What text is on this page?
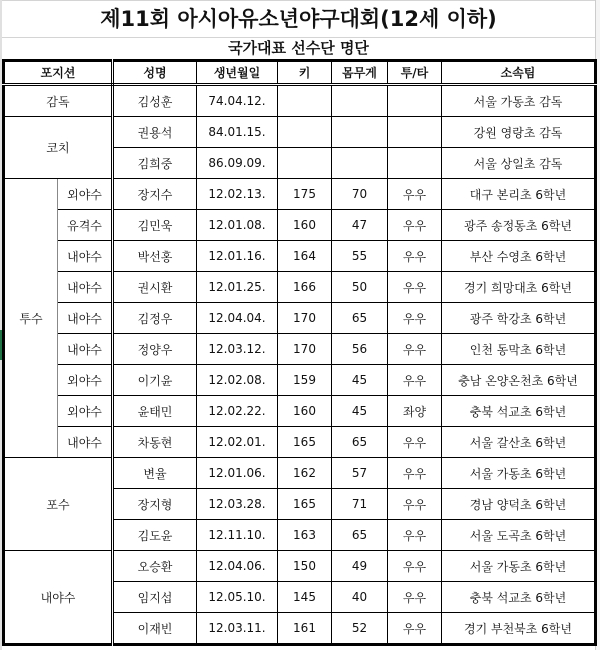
제11회 아시아유소년야구대회(12세 이하)
국가대표 선수단 명단
포지션		성명	생년월일	키	몸무게	투/타	소속팀
감독		김성훈	74.04.12.				서울 가동초 감독
코치		권용석	84.01.15.				강원 영랑초 감독
		김희중	86.09.09.				서울 상일초 감독
투수	외야수	장지수	12.02.13.	175	70	우우	대구 본리초 6학년
	유격수	김민욱	12.01.08.	160	47	우우	광주 송정동초 6학년
	내야수	박선홍	12.01.16.	164	55	우우	부산 수영초 6학년
	내야수	권시환	12.01.25.	166	50	우우	경기 희망대초 6학년
	내야수	김정우	12.04.04.	170	65	우우	광주 학강초 6학년
	내야수	정양우	12.03.12.	170	56	우우	인천 동막초 6학년
	외야수	이기윤	12.02.08.	159	45	우우	충남 온양온천초 6학년
	외야수	윤태민	12.02.22.	160	45	좌양	충북 석교초 6학년
	내야수	차동현	12.02.01.	165	65	우우	서울 갈산초 6학년
포수		변율	12.01.06.	162	57	우우	서울 가동초 6학년
		장지형	12.03.28.	165	71	우우	경남 양덕초 6학년
		김도윤	12.11.10.	163	65	우우	서울 도곡초 6학년
내야수		오승환	12.04.06.	150	49	우우	서울 가동초 6학년
		임지섭	12.05.10.	145	40	우우	충북 석교초 6학년
		이재빈	12.03.11.	161	52	우우	경기 부천북초 6학년
